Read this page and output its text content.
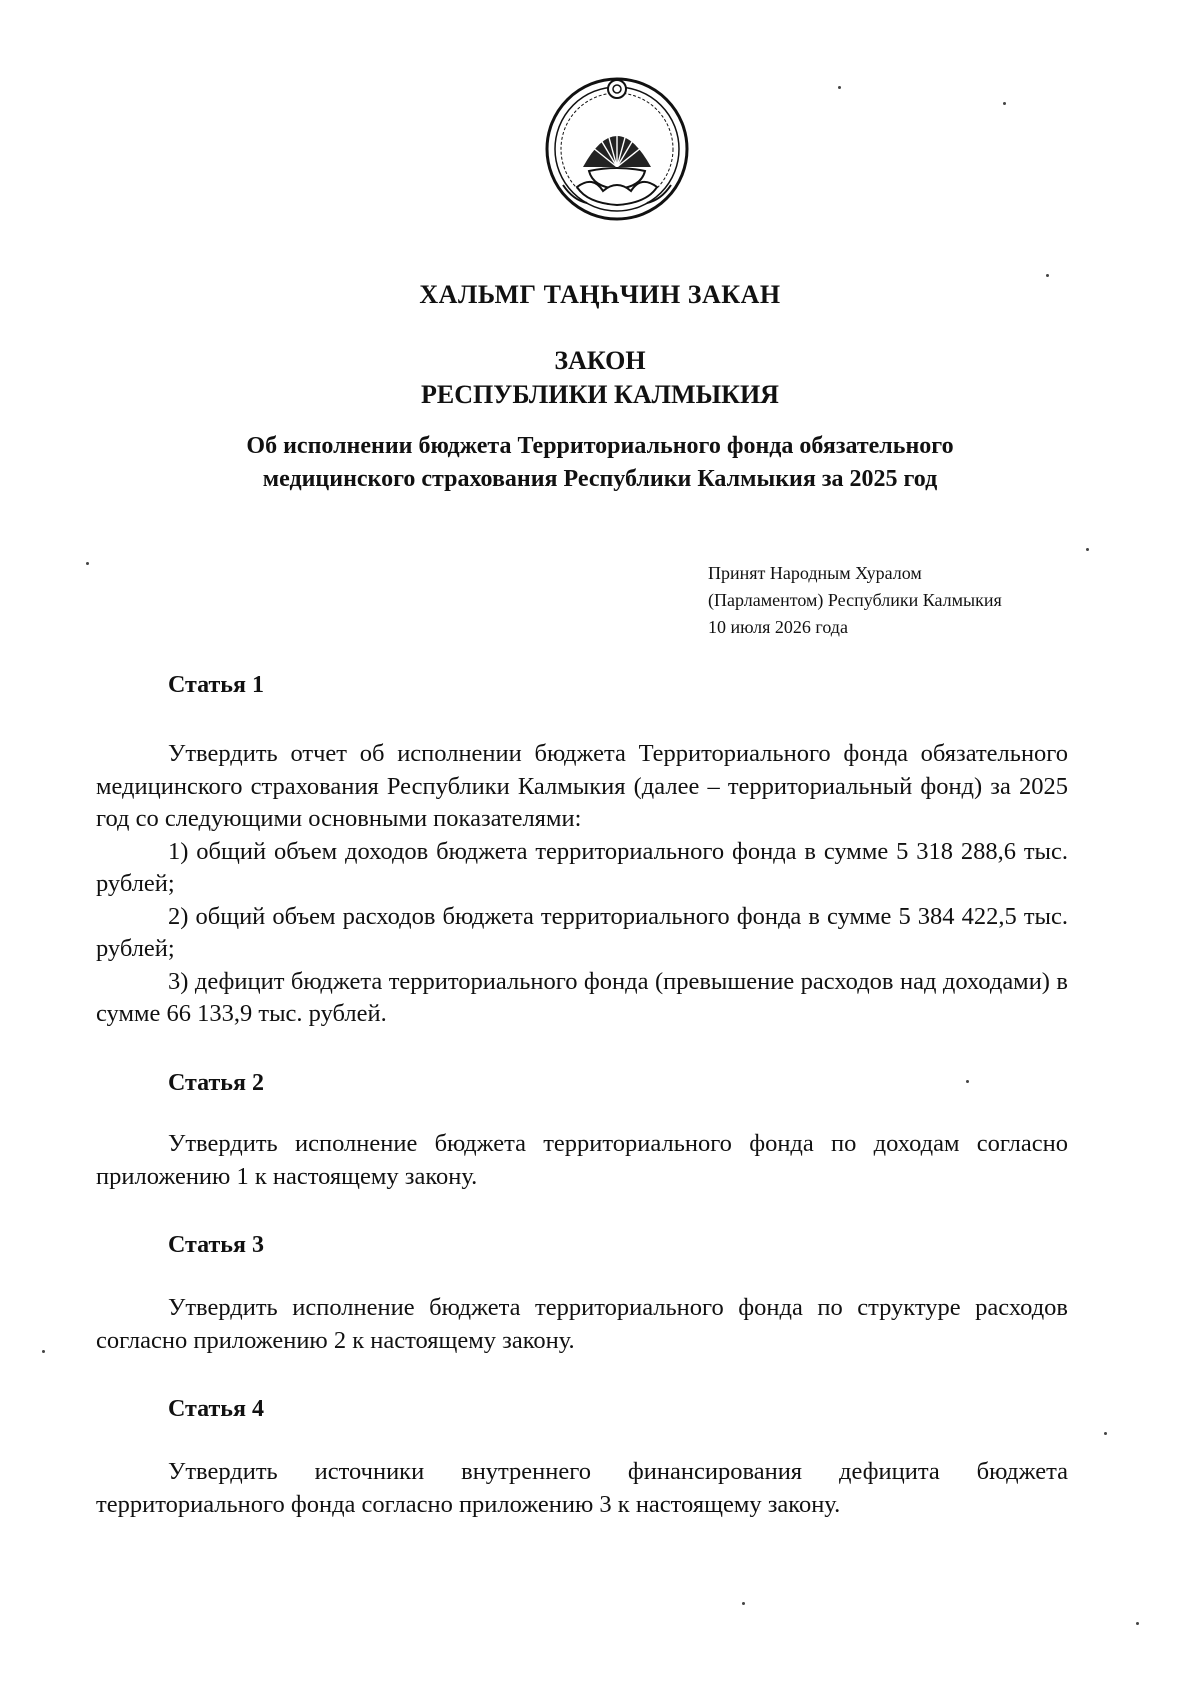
ХАЛЬМГ ТАҢҺЧИН ЗАКАН
ЗАКОН
РЕСПУБЛИКИ КАЛМЫКИЯ
Об исполнении бюджета Территориального фонда обязательного
медицинского страхования Республики Калмыкия за 2025 год
Принят Народным Хуралом
(Парламентом) Республики Калмыкия
10 июля 2026 года
Статья 1

Утвердить отчет об исполнении бюджета Территориального фонда обязательного медицинского страхования Республики Калмыкия (далее – территориальный фонд) за 2025 год со следующими основными показателями:

1) общий объем доходов бюджета территориального фонда в сумме 5 318 288,6 тыс. рублей;

2) общий объем расходов бюджета территориального фонда в сумме 5 384 422,5 тыс. рублей;

3) дефицит бюджета территориального фонда (превышение расходов над доходами) в сумме 66 133,9 тыс. рублей.

Статья 2

Утвердить исполнение бюджета территориального фонда по доходам согласно приложению 1 к настоящему закону.

Статья 3

Утвердить исполнение бюджета территориального фонда по структуре расходов согласно приложению 2 к настоящему закону.

Статья 4

Утвердить источники внутреннего финансирования дефицита бюджета территориального фонда согласно приложению 3 к настоящему закону.
